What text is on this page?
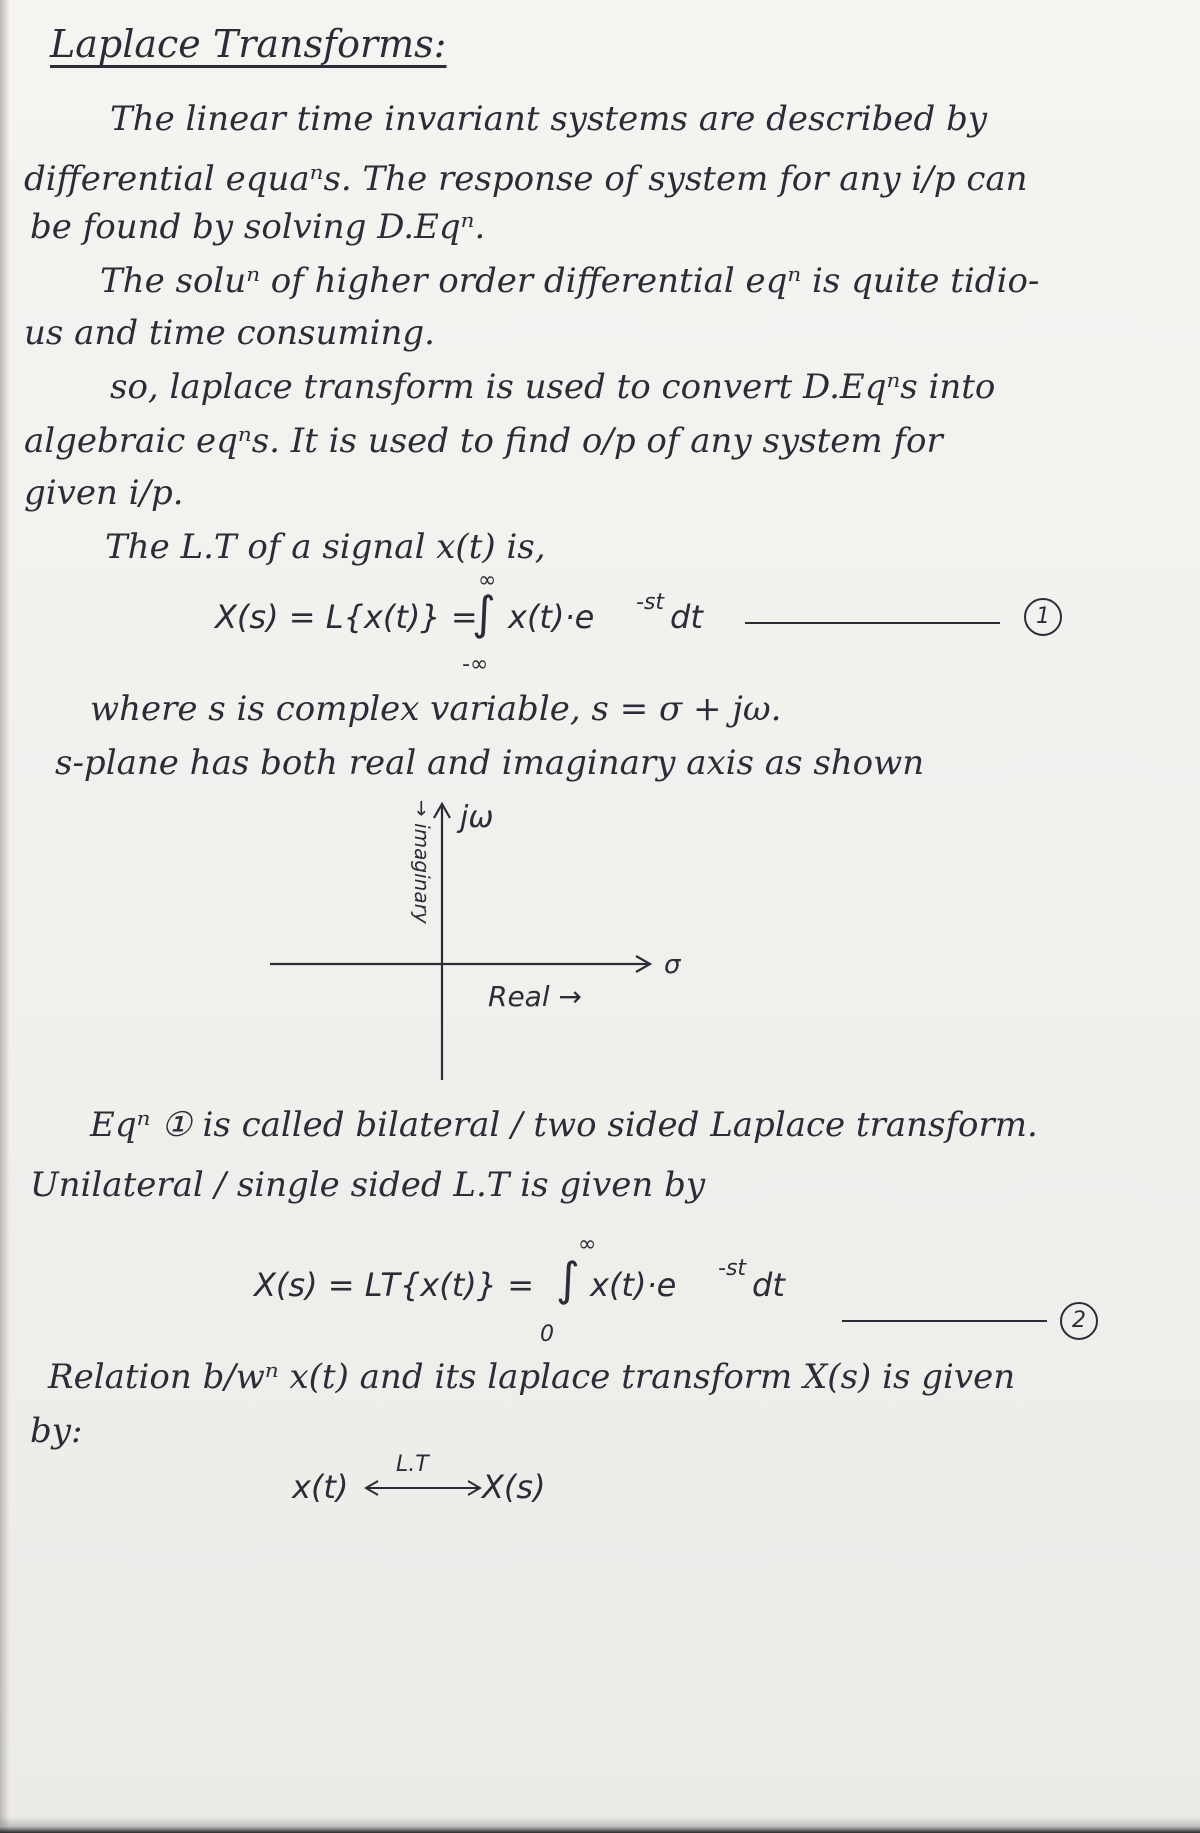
Laplace Transforms:
The linear time invariant systems are described by
differential equaⁿs. The response of system for any i/p can
be found by solving D.Eqⁿ.
The soluⁿ of higher order differential eqⁿ is quite tidio-
us and time consuming.
so, laplace transform is used to convert D.Eqⁿs into
algebraic eqⁿs. It is used to find o/p of any system for
given i/p.
The L.T of a signal x(t) is,
X(s) = L{x(t)} =
∞
∫ x(t)·e -st dt
-∞
1
where s is complex variable, s = σ + jω.
s-plane has both real and imaginary axis as shown
jω
→ imaginary
Real →
σ
Eqⁿ ① is called bilateral / two sided Laplace transform.
Unilateral / single sided L.T is given by
X(s) = LT{x(t)} =
∞
∫ x(t)·e -st dt
0
2
Relation b/wⁿ x(t) and its laplace transform X(s) is given
by:
x(t)
L.T
X(s)
